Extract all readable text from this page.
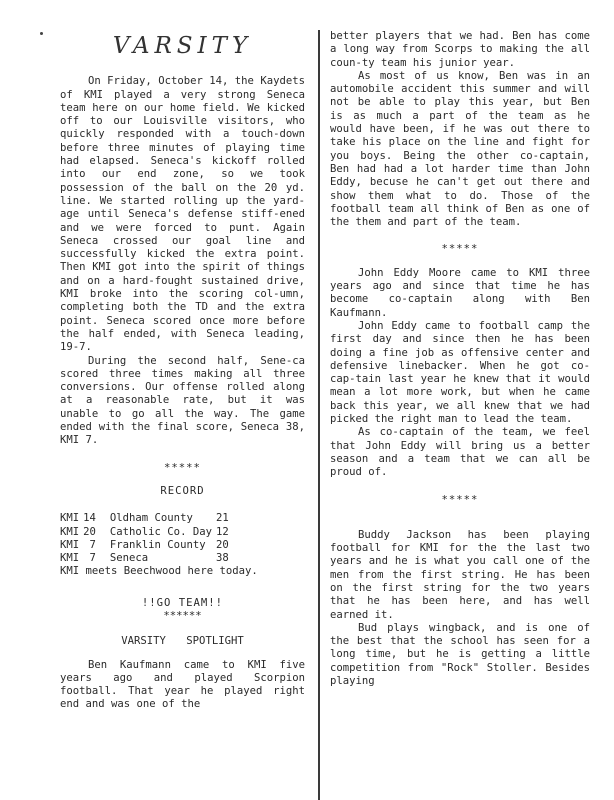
VARSITY

On Friday, October 14, the Kaydets of KMI played a very strong Seneca team here on our home field. We kicked off to our Louisville visitors, who quickly responded with a touch-down before three minutes of playing time had elapsed. Seneca's kickoff rolled into our end zone, so we took possession of the ball on the 20 yd. line. We started rolling up the yard-age until Seneca's defense stiff-ened and we were forced to punt. Again Seneca crossed our goal line and successfully kicked the extra point. Then KMI got into the spirit of things and on a hard-fought sustained drive, KMI broke into the scoring col-umn, completing both the TD and the extra point. Seneca scored once more before the half ended, with Seneca leading, 19-7.

During the second half, Sene-ca scored three times making all three conversions. Our offense rolled along at a reasonable rate, but it was unable to go all the way. The game ended with the final score, Seneca 38, KMI 7.

*****
RECORD
KMI	14	Oldham County	21
KMI	20	Catholic Co. Day	12
KMI	7	Franklin County	20
KMI	7	Seneca	38

KMI meets Beechwood here today.

!!GO TEAM!!
******
VARSITY SPOTLIGHT

Ben Kaufmann came to KMI five years ago and played Scorpion football. That year he played right end and was one of the

better players that we had. Ben has come a long way from Scorps to making the all coun-ty team his junior year.

As most of us know, Ben was in an automobile accident this summer and will not be able to play this year, but Ben is as much a part of the team as he would have been, if he was out there to take his place on the line and fight for you boys. Being the other co-captain, Ben had had a lot harder time than John Eddy, becuse he can't get out there and show them what to do. Those of the football team all think of Ben as one of the them and part of the team.

*****

John Eddy Moore came to KMI three years ago and since that time he has become co-captain along with Ben Kaufmann.

John Eddy came to football camp the first day and since then he has been doing a fine job as offensive center and defensive linebacker. When he got co-cap-tain last year he knew that it would mean a lot more work, but when he came back this year, we all knew that we had picked the right man to lead the team.

As co-captain of the team, we feel that John Eddy will bring us a better season and a team that we can all be proud of.

*****

Buddy Jackson has been playing football for KMI for the the last two years and he is what you call one of the men from the first string. He has been on the first string for the two years that he has been here, and has well earned it.

Bud plays wingback, and is one of the best that the school has seen for a long time, but he is getting a little competition from "Rock" Stoller. Besides playing
